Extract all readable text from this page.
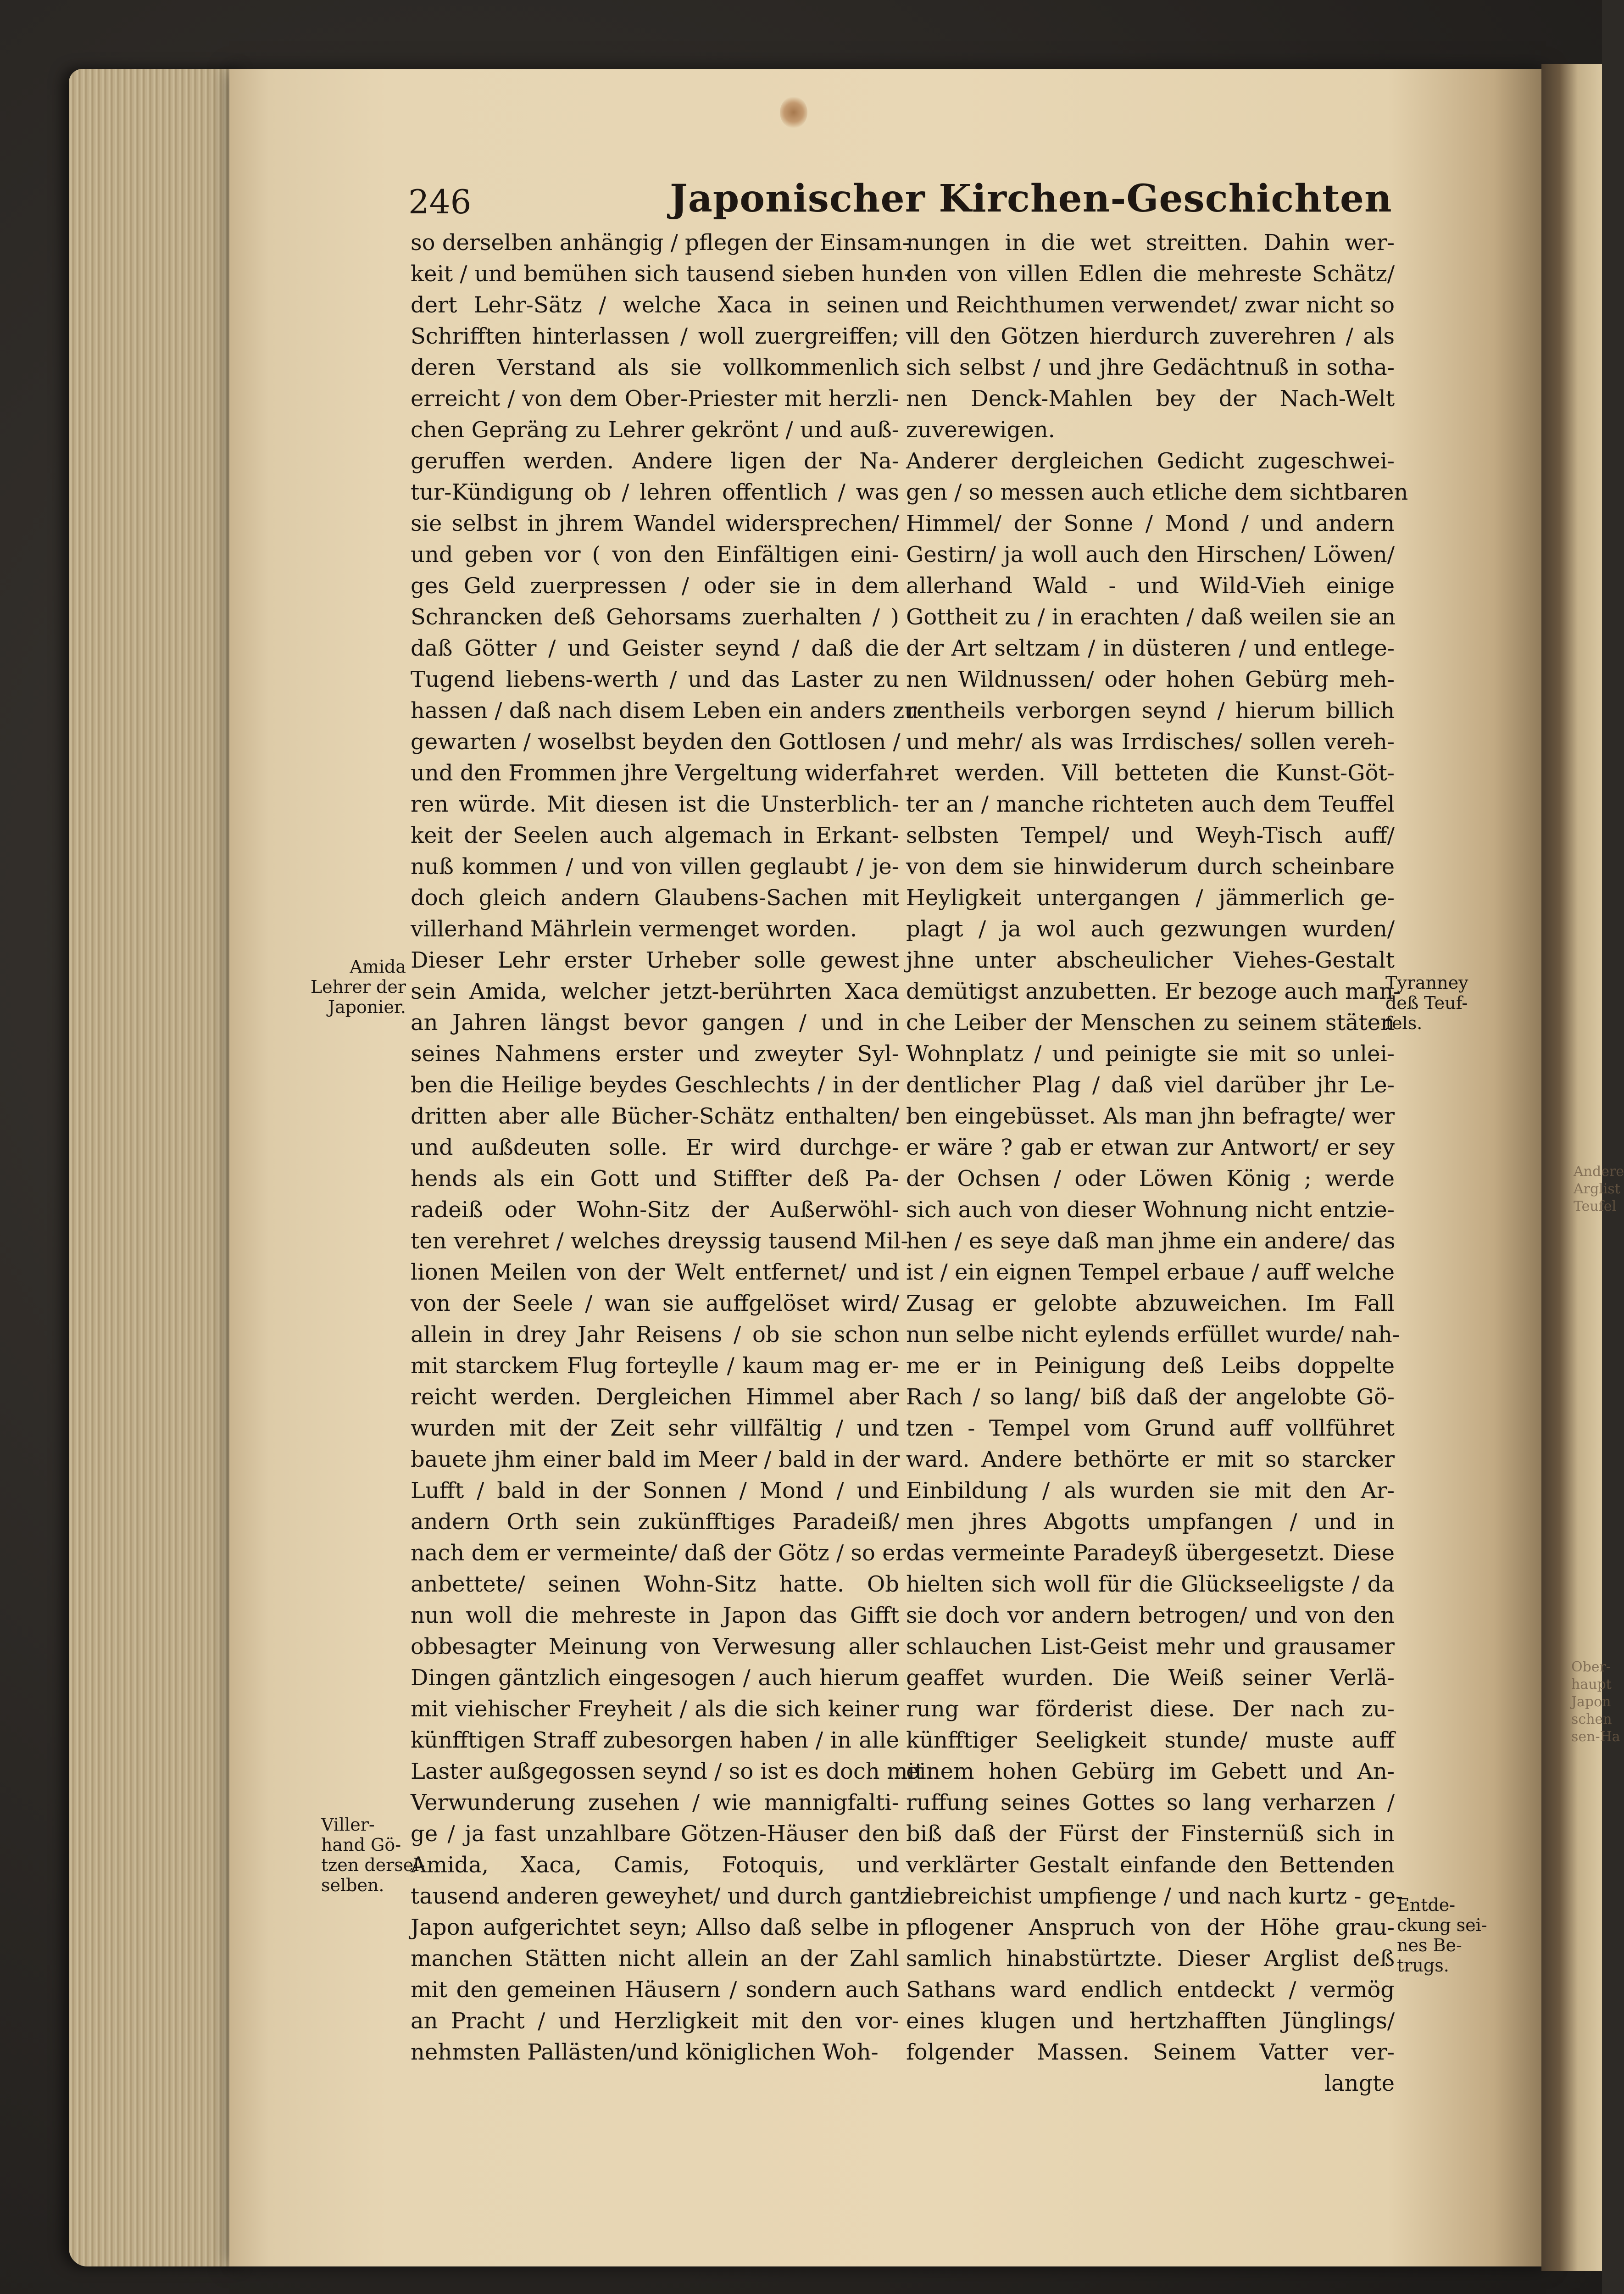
246	Japonischer Kirchen-Geschichten
so derselben anhängig / pflegen der Einsam-
keit / und bemühen sich tausend sieben hun-
dert Lehr-Sätz / welche Xaca in seinen
Schrifften hinterlassen / woll zuergreiffen;
deren Verstand als sie vollkommenlich
erreicht / von dem Ober-Priester mit herzli-
chen Gepräng zu Lehrer gekrönt / und auß-
geruffen werden. Andere ligen der Na-
tur-Kündigung ob / lehren offentlich / was
sie selbst in jhrem Wandel widersprechen/
und geben vor ( von den Einfältigen eini-
ges Geld zuerpressen / oder sie in dem
Schrancken deß Gehorsams zuerhalten / )
daß Götter / und Geister seynd / daß die
Tugend liebens-werth / und das Laster zu
hassen / daß nach disem Leben ein anders zu-
gewarten / woselbst beyden den Gottlosen /
und den Frommen jhre Vergeltung widerfah-
ren würde. Mit diesen ist die Unsterblich-
keit der Seelen auch algemach in Erkant-
nuß kommen / und von villen geglaubt / je-
doch gleich andern Glaubens-Sachen mit
villerhand Mährlein vermenget worden.
Dieser Lehr erster Urheber solle gewest
sein Amida, welcher jetzt-berührten Xaca
an Jahren längst bevor gangen / und in
seines Nahmens erster und zweyter Syl-
ben die Heilige beydes Geschlechts / in der
dritten aber alle Bücher-Schätz enthalten/
und außdeuten solle. Er wird durchge-
hends als ein Gott und Stiffter deß Pa-
radeiß oder Wohn-Sitz der Außerwöhl-
ten verehret / welches dreyssig tausend Mil-
lionen Meilen von der Welt entfernet/ und
von der Seele / wan sie auffgelöset wird/
allein in drey Jahr Reisens / ob sie schon
mit starckem Flug forteylle / kaum mag er-
reicht werden. Dergleichen Himmel aber
wurden mit der Zeit sehr villfältig / und
bauete jhm einer bald im Meer / bald in der
Lufft / bald in der Sonnen / Mond / und
andern Orth sein zukünfftiges Paradeiß/
nach dem er vermeinte/ daß der Götz / so er
anbettete/ seinen Wohn-Sitz hatte. Ob
nun woll die mehreste in Japon das Gifft
obbesagter Meinung von Verwesung aller
Dingen gäntzlich eingesogen / auch hierum
mit viehischer Freyheit / als die sich keiner
künfftigen Straff zubesorgen haben / in alle
Laster außgegossen seynd / so ist es doch mit
Verwunderung zusehen / wie mannigfalti-
ge / ja fast unzahlbare Götzen-Häuser den
Amida, Xaca, Camis, Fotoquis, und
tausend anderen geweyhet/ und durch gantz
Japon aufgerichtet seyn; Allso daß selbe in
manchen Stätten nicht allein an der Zahl
mit den gemeinen Häusern / sondern auch
an Pracht / und Herzligkeit mit den vor-
nehmsten Pallästen/und königlichen Woh-
nungen in die wet streitten. Dahin wer-
den von villen Edlen die mehreste Schätz/
und Reichthumen verwendet/ zwar nicht so
vill den Götzen hierdurch zuverehren / als
sich selbst / und jhre Gedächtnuß in sotha-
nen Denck-Mahlen bey der Nach-Welt
zuverewigen.
Anderer dergleichen Gedicht zugeschwei-
gen / so messen auch etliche dem sichtbaren
Himmel/ der Sonne / Mond / und andern
Gestirn/ ja woll auch den Hirschen/ Löwen/
allerhand Wald - und Wild-Vieh einige
Gottheit zu / in erachten / daß weilen sie an
der Art seltzam / in düsteren / und entlege-
nen Wildnussen/ oder hohen Gebürg meh-
rentheils verborgen seynd / hierum billich
und mehr/ als was Irrdisches/ sollen vereh-
ret werden. Vill betteten die Kunst-Göt-
ter an / manche richteten auch dem Teuffel
selbsten Tempel/ und Weyh-Tisch auff/
von dem sie hinwiderum durch scheinbare
Heyligkeit untergangen / jämmerlich ge-
plagt / ja wol auch gezwungen wurden/
jhne unter abscheulicher Viehes-Gestalt
demütigst anzubetten. Er bezoge auch man-
che Leiber der Menschen zu seinem stäten
Wohnplatz / und peinigte sie mit so unlei-
dentlicher Plag / daß viel darüber jhr Le-
ben eingebüsset. Als man jhn befragte/ wer
er wäre ? gab er etwan zur Antwort/ er sey
der Ochsen / oder Löwen König ; werde
sich auch von dieser Wohnung nicht entzie-
hen / es seye daß man jhme ein andere/ das
ist / ein eignen Tempel erbaue / auff welche
Zusag er gelobte abzuweichen. Im Fall
nun selbe nicht eylends erfüllet wurde/ nah-
me er in Peinigung deß Leibs doppelte
Rach / so lang/ biß daß der angelobte Gö-
tzen - Tempel vom Grund auff vollführet
ward. Andere bethörte er mit so starcker
Einbildung / als wurden sie mit den Ar-
men jhres Abgotts umpfangen / und in
das vermeinte Paradeyß übergesetzt. Diese
hielten sich woll für die Glückseeligste / da
sie doch vor andern betrogen/ und von den
schlauchen List-Geist mehr und grausamer
geaffet wurden. Die Weiß seiner Verlä-
rung war förderist diese. Der nach zu-
künfftiger Seeligkeit stunde/ muste auff
einem hohen Gebürg im Gebett und An-
ruffung seines Gottes so lang verharzen /
biß daß der Fürst der Finsternüß sich in
verklärter Gestalt einfande den Bettenden
liebreichist umpfienge / und nach kurtz - ge-
pflogener Anspruch von der Höhe grau-
samlich hinabstürtzte. Dieser Arglist deß
Sathans ward endlich entdeckt / vermög
eines klugen und hertzhafften Jünglings/
folgender Massen. Seinem Vatter ver-
langte
Amida
Lehrer der
Japonier.
Viller-
hand Gö-
tzen dersel-
selben.
Tyranney
deß Teuf-
fels.
Entde-
ckung sei-
nes Be-
trugs.
Andere
Arglist
Teufel
Ober-
haupt
Japon
schen
sen-Ha
